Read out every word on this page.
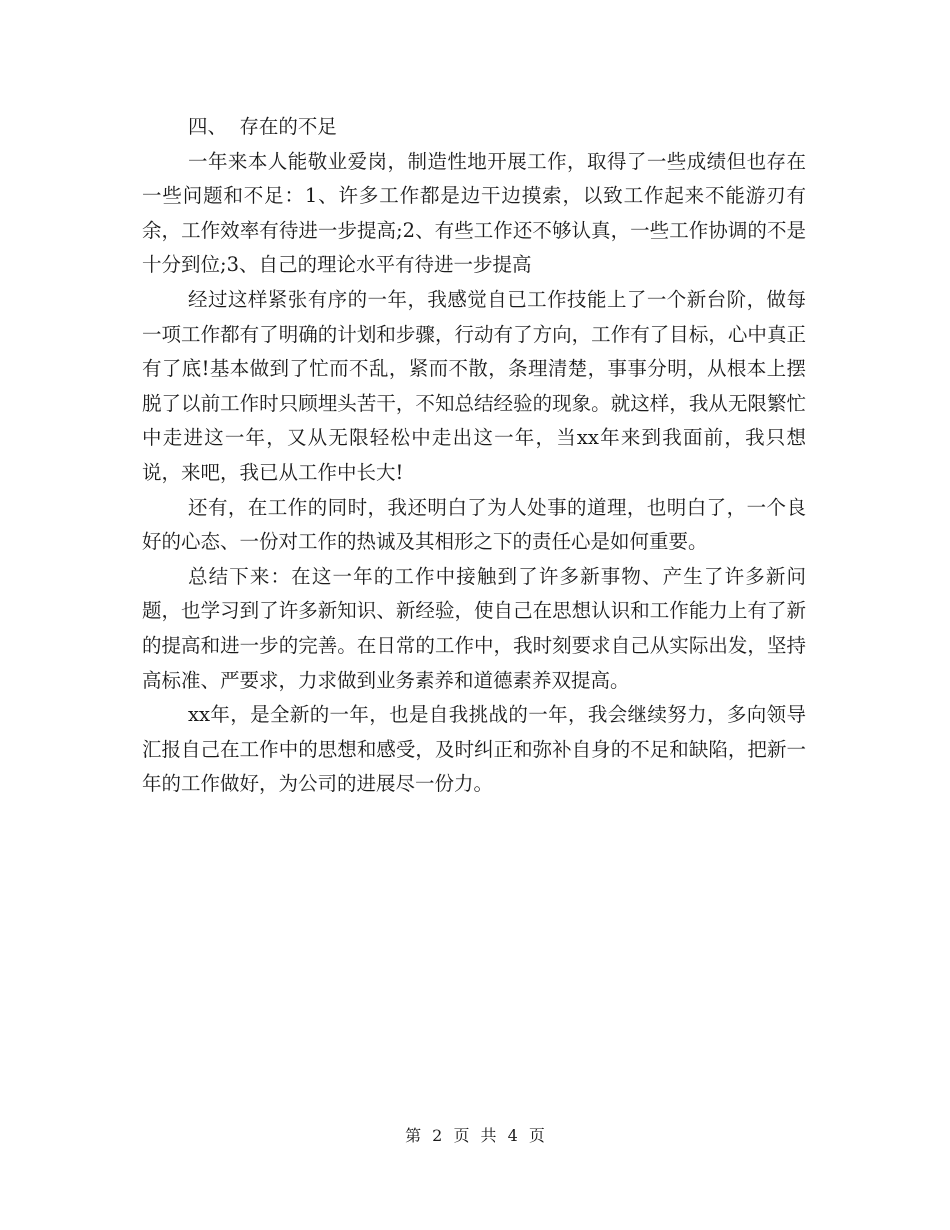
四、  存在的不足

一年来本人能敬业爱岗，制造性地开展工作，取得了一些成绩但也存在一些问题和不足：1、许多工作都是边干边摸索，以致工作起来不能游刃有余，工作效率有待进一步提高;2、有些工作还不够认真，一些工作协调的不是十分到位;3、自己的理论水平有待进一步提高

经过这样紧张有序的一年，我感觉自已工作技能上了一个新台阶，做每一项工作都有了明确的计划和步骤，行动有了方向，工作有了目标，心中真正有了底!基本做到了忙而不乱，紧而不散，条理清楚，事事分明，从根本上摆脱了以前工作时只顾埋头苦干，不知总结经验的现象。就这样，我从无限繁忙中走进这一年，又从无限轻松中走出这一年，当xx年来到我面前，我只想说，来吧，我已从工作中长大!

还有，在工作的同时，我还明白了为人处事的道理，也明白了，一个良好的心态、一份对工作的热诚及其相形之下的责任心是如何重要。

总结下来：在这一年的工作中接触到了许多新事物、产生了许多新问题，也学习到了许多新知识、新经验，使自己在思想认识和工作能力上有了新的提高和进一步的完善。在日常的工作中，我时刻要求自己从实际出发，坚持高标准、严要求，力求做到业务素养和道德素养双提高。

xx年，是全新的一年，也是自我挑战的一年，我会继续努力，多向领导汇报自己在工作中的思想和感受，及时纠正和弥补自身的不足和缺陷，把新一年的工作做好，为公司的进展尽一份力。

第 2 页 共 4 页
